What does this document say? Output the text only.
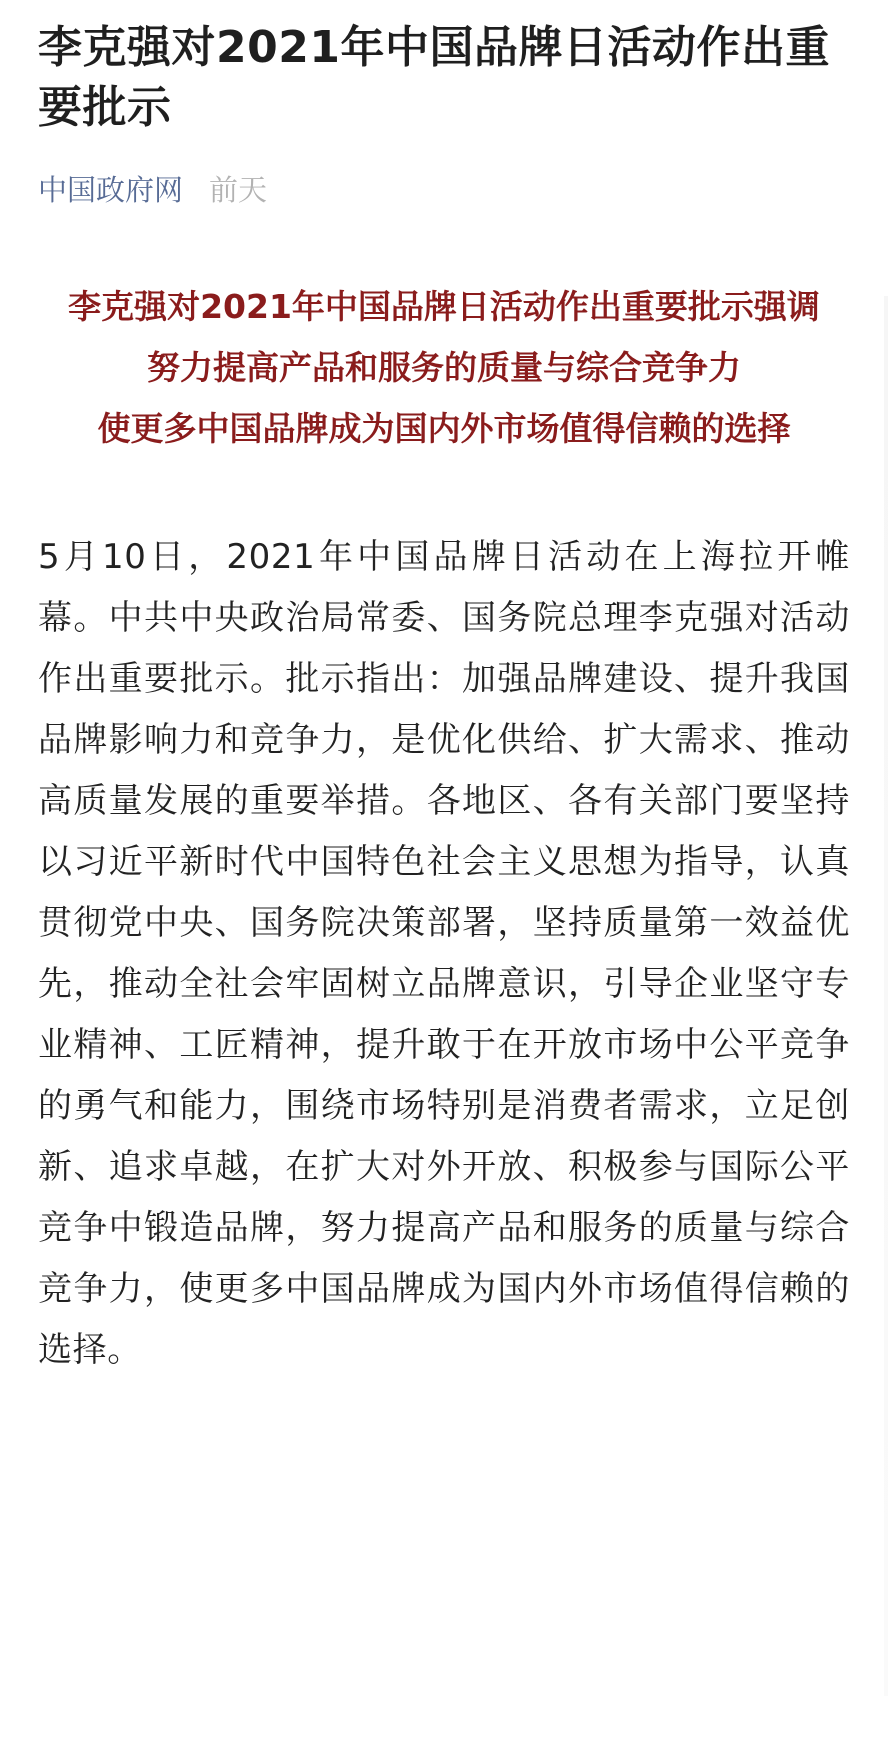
李克强对2021年中国品牌日活动作出重要批示
中国政府网 前天
李克强对2021年中国品牌日活动作出重要批示强调
努力提高产品和服务的质量与综合竞争力
使更多中国品牌成为国内外市场值得信赖的选择

5月10日，2021年中国品牌日活动在上海拉开帷幕。中共中央政治局常委、国务院总理李克强对活动作出重要批示。批示指出：加强品牌建设、提升我国品牌影响力和竞争力，是优化供给、扩大需求、推动高质量发展的重要举措。各地区、各有关部门要坚持以习近平新时代中国特色社会主义思想为指导，认真贯彻党中央、国务院决策部署，坚持质量第一效益优先，推动全社会牢固树立品牌意识，引导企业坚守专业精神、工匠精神，提升敢于在开放市场中公平竞争的勇气和能力，围绕市场特别是消费者需求，立足创新、追求卓越，在扩大对外开放、积极参与国际公平竞争中锻造品牌，努力提高产品和服务的质量与综合竞争力，使更多中国品牌成为国内外市场值得信赖的选择。
